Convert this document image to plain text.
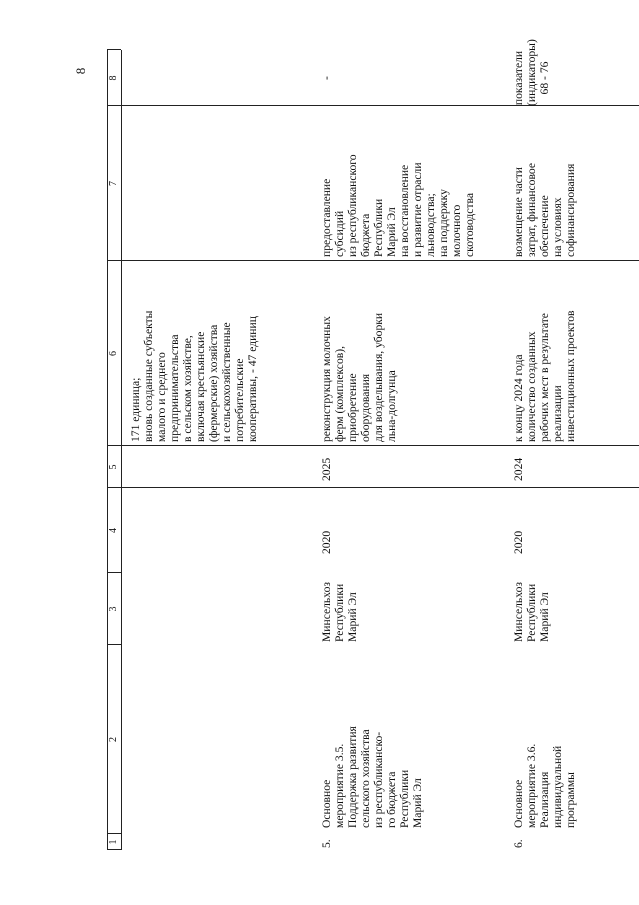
8
1
2
3
4
5
6
7
8
171 единица;
вновь созданные субъекты
малого и среднего
предпринимательства
в сельском хозяйстве,
включая крестьянские
(фермерские) хозяйства
и сельскохозяйственные
потребительские
кооперативы, - 47 единиц
5.
Основное
мероприятие 3.5.
Поддержка развития
сельского хозяйства
из республиканско-
го бюджета
Республики
Марий Эл
Минсельхоз
Республики
Марий Эл
2020
2025
реконструкция молочных
ферм (комплексов),
приобретение
оборудования
для возделывания, уборки
льна-долгунца
предоставление
субсидий
из республиканского
бюджета
Республики
Марий Эл
на восстановление
и развитие отрасли
льноводства;
на поддержку
молочного
скотоводства
-
6.
Основное
мероприятие 3.6.
Реализация
индивидуальной
программы
Минсельхоз
Республики
Марий Эл
2020
2024
к концу 2024 года
количество созданных
рабочих мест в результате
реализации
инвестиционных проектов
возмещение части
затрат, финансовое
обеспечение
на условиях
софинансирования
показатели
(индикаторы)
68 - 76
